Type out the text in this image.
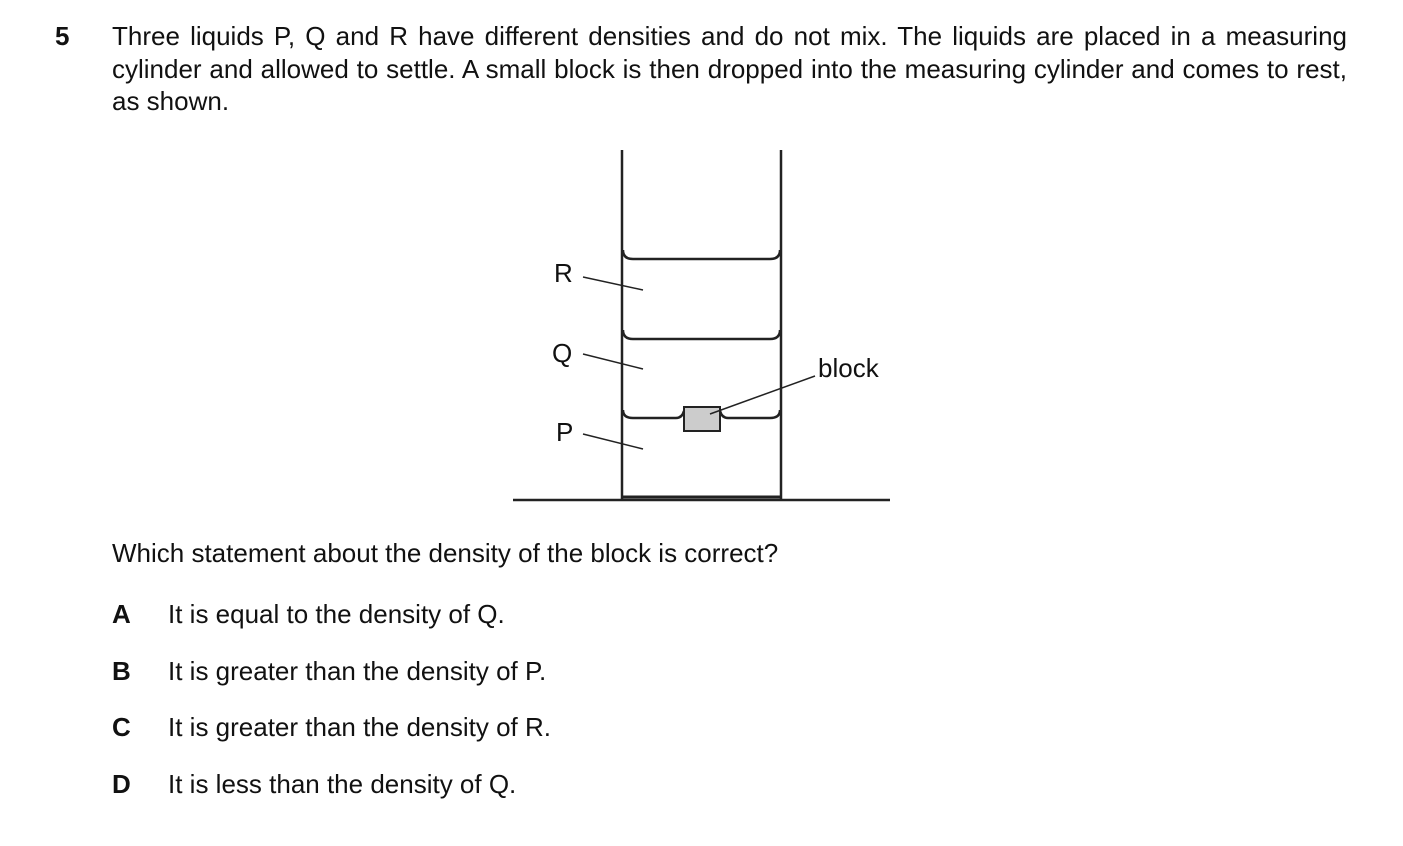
5 Three liquids P, Q and R have different densities and do not mix. The liquids are placed in a measuring cylinder and allowed to settle. A small block is then dropped into the measuring cylinder and comes to rest, as shown.

R
Q
P
block

Which statement about the density of the block is correct?

A	It is equal to the density of Q.
B	It is greater than the density of P.
C	It is greater than the density of R.
D	It is less than the density of Q.
